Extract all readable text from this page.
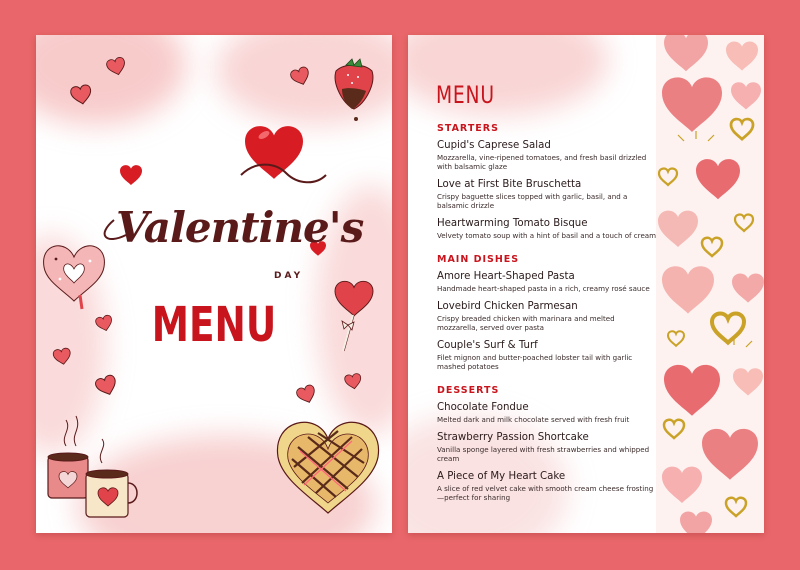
Valentine's
DAY
MENU
MENU
STARTERS
Cupid's Caprese Salad
Mozzarella, vine-ripened tomatoes, and fresh basil drizzled with balsamic glaze
Love at First Bite Bruschetta
Crispy baguette slices topped with garlic, basil, and a balsamic drizzle
Heartwarming Tomato Bisque
Velvety tomato soup with a hint of basil and a touch of cream
MAIN DISHES
Amore Heart-Shaped Pasta
Handmade heart-shaped pasta in a rich, creamy rosé sauce
Lovebird Chicken Parmesan
Crispy breaded chicken with marinara and melted mozzarella, served over pasta
Couple's Surf & Turf
Filet mignon and butter-poached lobster tail with garlic mashed potatoes
DESSERTS
Chocolate Fondue
Melted dark and milk chocolate served with fresh fruit
Strawberry Passion Shortcake
Vanilla sponge layered with fresh strawberries and whipped cream
A Piece of My Heart Cake
A slice of red velvet cake with smooth cream cheese frosting—perfect for sharing
